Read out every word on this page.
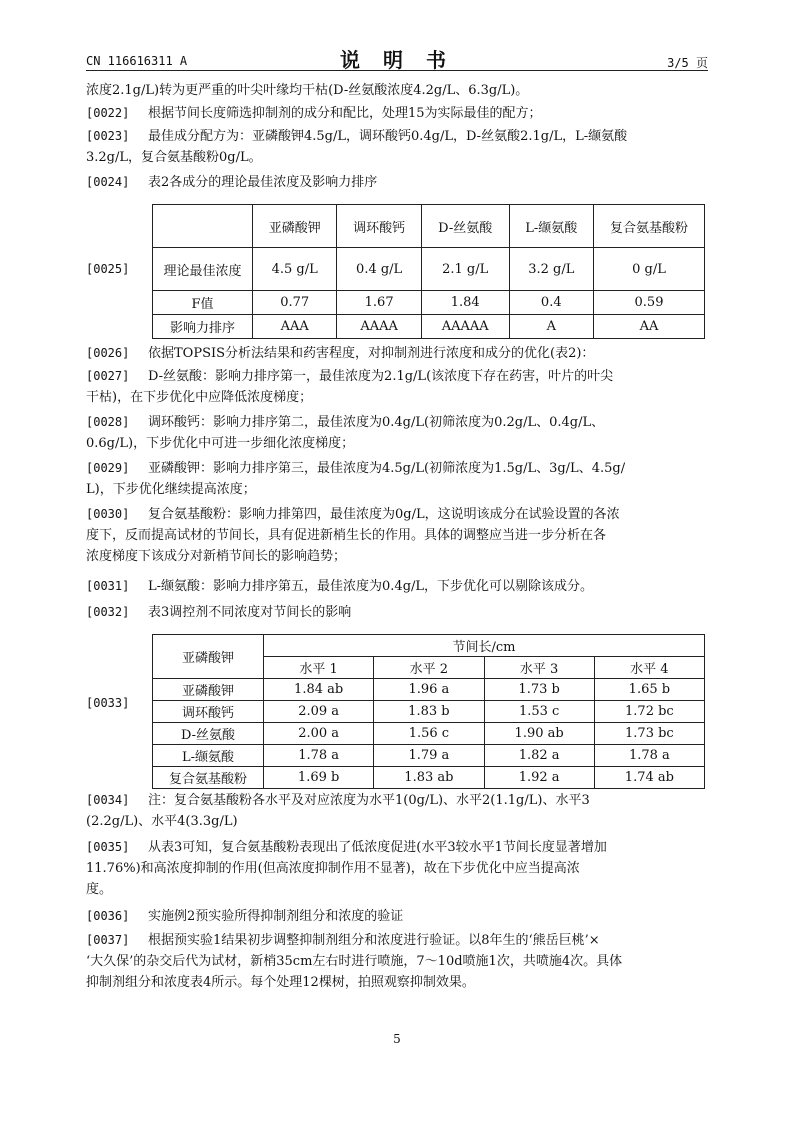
CN 116616311 A	说 明 书	3/5 页
浓度2.1g/L)转为更严重的叶尖叶缘均干枯(D-丝氨酸浓度4.2g/L、6.3g/L)。
[0022] 根据节间长度筛选抑制剂的成分和配比，处理15为实际最佳的配方；
[0023] 最佳成分配方为：亚磷酸钾4.5g/L，调环酸钙0.4g/L，D-丝氨酸2.1g/L，L-缬氨酸
3.2g/L，复合氨基酸粉0g/L。
[0024] 表2各成分的理论最佳浓度及影响力排序
[0025]
	亚磷酸钾	调环酸钙	D-丝氨酸	L-缬氨酸	复合氨基酸粉
理论最佳浓度	4.5 g/L	0.4 g/L	2.1 g/L	3.2 g/L	0 g/L
F值	0.77	1.67	1.84	0.4	0.59
影响力排序	AAA	AAAA	AAAAA	A	AA
[0026] 依据TOPSIS分析法结果和药害程度，对抑制剂进行浓度和成分的优化(表2)：
[0027] D-丝氨酸：影响力排序第一，最佳浓度为2.1g/L(该浓度下存在药害，叶片的叶尖
干枯)，在下步优化中应降低浓度梯度；
[0028] 调环酸钙：影响力排序第二，最佳浓度为0.4g/L(初筛浓度为0.2g/L、0.4g/L、
0.6g/L)，下步优化中可进一步细化浓度梯度；
[0029] 亚磷酸钾：影响力排序第三，最佳浓度为4.5g/L(初筛浓度为1.5g/L、3g/L、4.5g/
L)，下步优化继续提高浓度；
[0030] 复合氨基酸粉：影响力排第四，最佳浓度为0g/L，这说明该成分在试验设置的各浓
度下，反而提高试材的节间长，具有促进新梢生长的作用。具体的调整应当进一步分析在各
浓度梯度下该成分对新梢节间长的影响趋势；
[0031] L-缬氨酸：影响力排序第五，最佳浓度为0.4g/L，下步优化可以剔除该成分。
[0032] 表3调控剂不同浓度对节间长的影响
[0033]
亚磷酸钾	节间长/cm			
	水平 1	水平 2	水平 3	水平 4
亚磷酸钾	1.84 ab	1.96 a	1.73 b	1.65 b
调环酸钙	2.09 a	1.83 b	1.53 c	1.72 bc
D-丝氨酸	2.00 a	1.56 c	1.90 ab	1.73 bc
L-缬氨酸	1.78 a	1.79 a	1.82 a	1.78 a
复合氨基酸粉	1.69 b	1.83 ab	1.92 a	1.74 ab
[0034] 注：复合氨基酸粉各水平及对应浓度为水平1(0g/L)、水平2(1.1g/L)、水平3
(2.2g/L)、水平4(3.3g/L)
[0035] 从表3可知，复合氨基酸粉表现出了低浓度促进(水平3较水平1节间长度显著增加
11.76%)和高浓度抑制的作用(但高浓度抑制作用不显著)，故在下步优化中应当提高浓
度。
[0036] 实施例2预实验所得抑制剂组分和浓度的验证
[0037] 根据预实验1结果初步调整抑制剂组分和浓度进行验证。以8年生的‘熊岳巨桃’×
‘大久保’的杂交后代为试材，新梢35cm左右时进行喷施，7～10d喷施1次，共喷施4次。具体
抑制剂组分和浓度表4所示。每个处理12棵树，拍照观察抑制效果。
5
